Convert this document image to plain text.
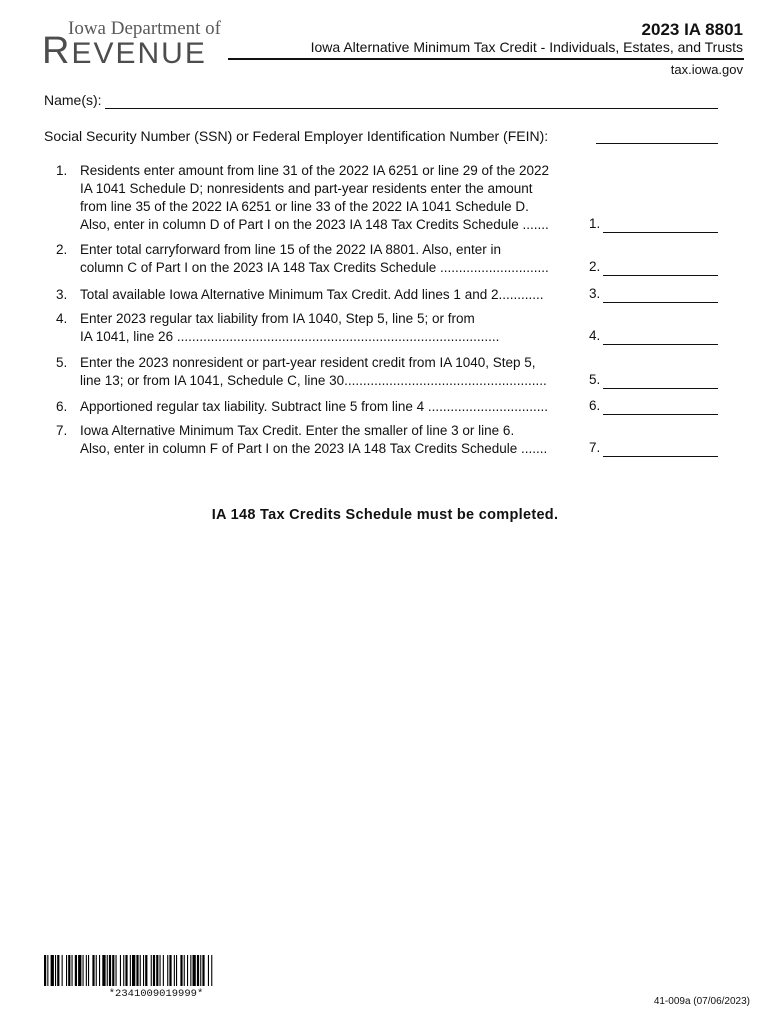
Iowa Department of
REVENUE
2023 IA 8801
Iowa Alternative Minimum Tax Credit - Individuals, Estates, and Trusts
tax.iowa.gov
Name(s):
Social Security Number (SSN) or Federal Employer Identification Number (FEIN):
1. Residents enter amount from line 31 of the 2022 IA 6251 or line 29 of the 2022
IA 1041 Schedule D; nonresidents and part-year residents enter the amount
from line 35 of the 2022 IA 6251 or line 33 of the 2022 IA 1041 Schedule D.
Also, enter in column D of Part I on the 2023 IA 148 Tax Credits Schedule .......	1.
2. Enter total carryforward from line 15 of the 2022 IA 8801. Also, enter in
column C of Part I on the 2023 IA 148 Tax Credits Schedule .............................	2.
3. Total available Iowa Alternative Minimum Tax Credit. Add lines 1 and 2............	3.
4. Enter 2023 regular tax liability from IA 1040, Step 5, line 5; or from
IA 1041, line 26 ......................................................................................	4.
5. Enter the 2023 nonresident or part-year resident credit from IA 1040, Step 5,
line 13; or from IA 1041, Schedule C, line 30......................................................	5.
6. Apportioned regular tax liability. Subtract line 5 from line 4 ................................	6.
7. Iowa Alternative Minimum Tax Credit. Enter the smaller of line 3 or line 6.
Also, enter in column F of Part I on the 2023 IA 148 Tax Credits Schedule .......	7.
IA 148 Tax Credits Schedule must be completed.
*2341009019999*
41-009a (07/06/2023)
